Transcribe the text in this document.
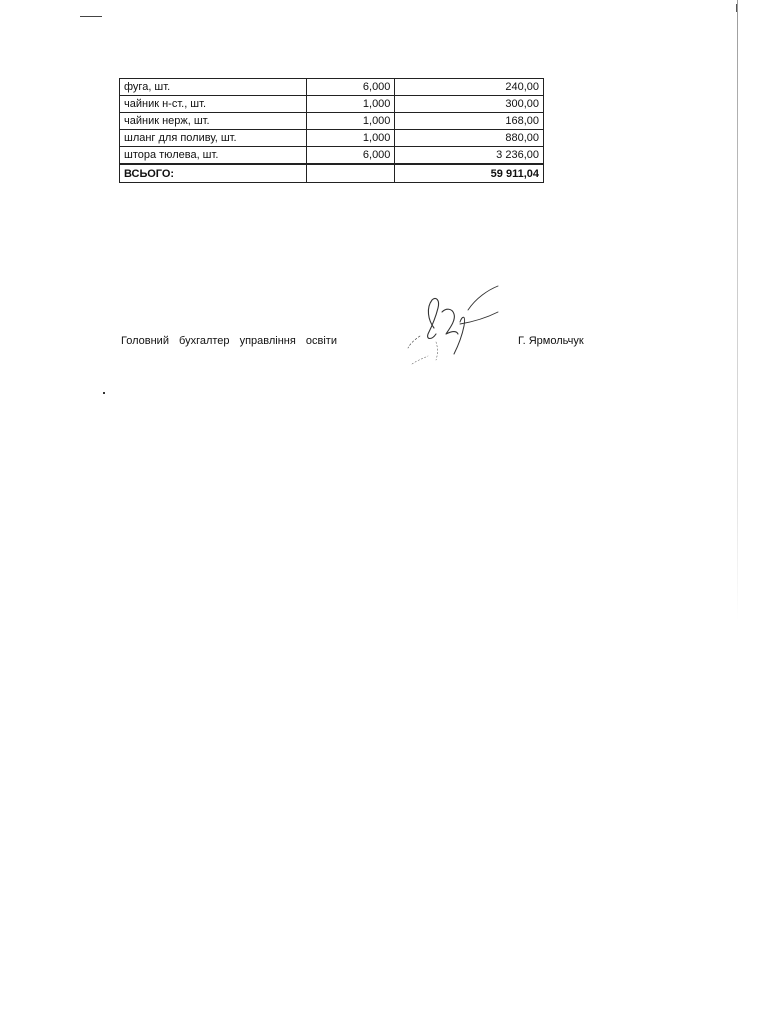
фуга, шт.	6,000	240,00
чайник н-ст., шт.	1,000	300,00
чайник нерж, шт.	1,000	168,00
шланг для поливу, шт.	1,000	880,00
штора тюлева, шт.	6,000	3 236,00
ВСЬОГО:		59 911,04
Головний бухгалтер управління освіти	Г. Ярмольчук
